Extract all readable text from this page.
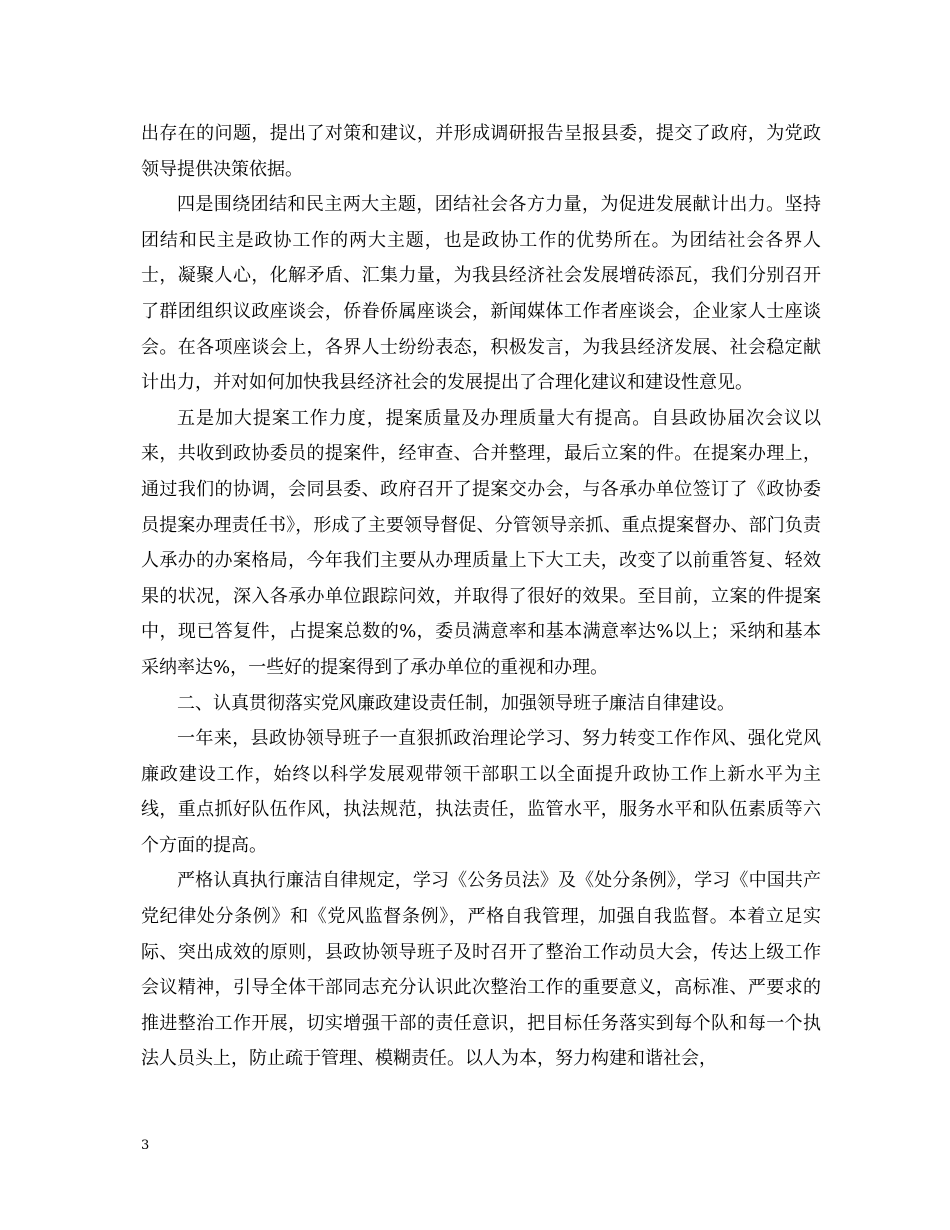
出存在的问题，提出了对策和建议，并形成调研报告呈报县委，提交了政府，为党政领导提供决策依据。

四是围绕团结和民主两大主题，团结社会各方力量，为促进发展献计出力。坚持团结和民主是政协工作的两大主题，也是政协工作的优势所在。为团结社会各界人士，凝聚人心，化解矛盾、汇集力量，为我县经济社会发展增砖添瓦，我们分别召开了群团组织议政座谈会，侨眷侨属座谈会，新闻媒体工作者座谈会，企业家人士座谈会。在各项座谈会上，各界人士纷纷表态，积极发言，为我县经济发展、社会稳定献计出力，并对如何加快我县经济社会的发展提出了合理化建议和建设性意见。

五是加大提案工作力度，提案质量及办理质量大有提高。自县政协届次会议以来，共收到政协委员的提案件，经审查、合并整理，最后立案的件。在提案办理上，通过我们的协调，会同县委、政府召开了提案交办会，与各承办单位签订了《政协委员提案办理责任书》，形成了主要领导督促、分管领导亲抓、重点提案督办、部门负责人承办的办案格局，今年我们主要从办理质量上下大工夫，改变了以前重答复、轻效果的状况，深入各承办单位跟踪问效，并取得了很好的效果。至目前，立案的件提案中，现已答复件，占提案总数的%，委员满意率和基本满意率达%以上；采纳和基本采纳率达%，一些好的提案得到了承办单位的重视和办理。

二、认真贯彻落实党风廉政建设责任制，加强领导班子廉洁自律建设。

一年来，县政协领导班子一直狠抓政治理论学习、努力转变工作作风、强化党风廉政建设工作，始终以科学发展观带领干部职工以全面提升政协工作上新水平为主线，重点抓好队伍作风，执法规范，执法责任，监管水平，服务水平和队伍素质等六个方面的提高。

严格认真执行廉洁自律规定，学习《公务员法》及《处分条例》，学习《中国共产党纪律处分条例》和《党风监督条例》，严格自我管理，加强自我监督。本着立足实际、突出成效的原则，县政协领导班子及时召开了整治工作动员大会，传达上级工作会议精神，引导全体干部同志充分认识此次整治工作的重要意义，高标准、严要求的推进整治工作开展，切实增强干部的责任意识，把目标任务落实到每个队和每一个执法人员头上，防止疏于管理、模糊责任。以人为本，努力构建和谐社会，

3
